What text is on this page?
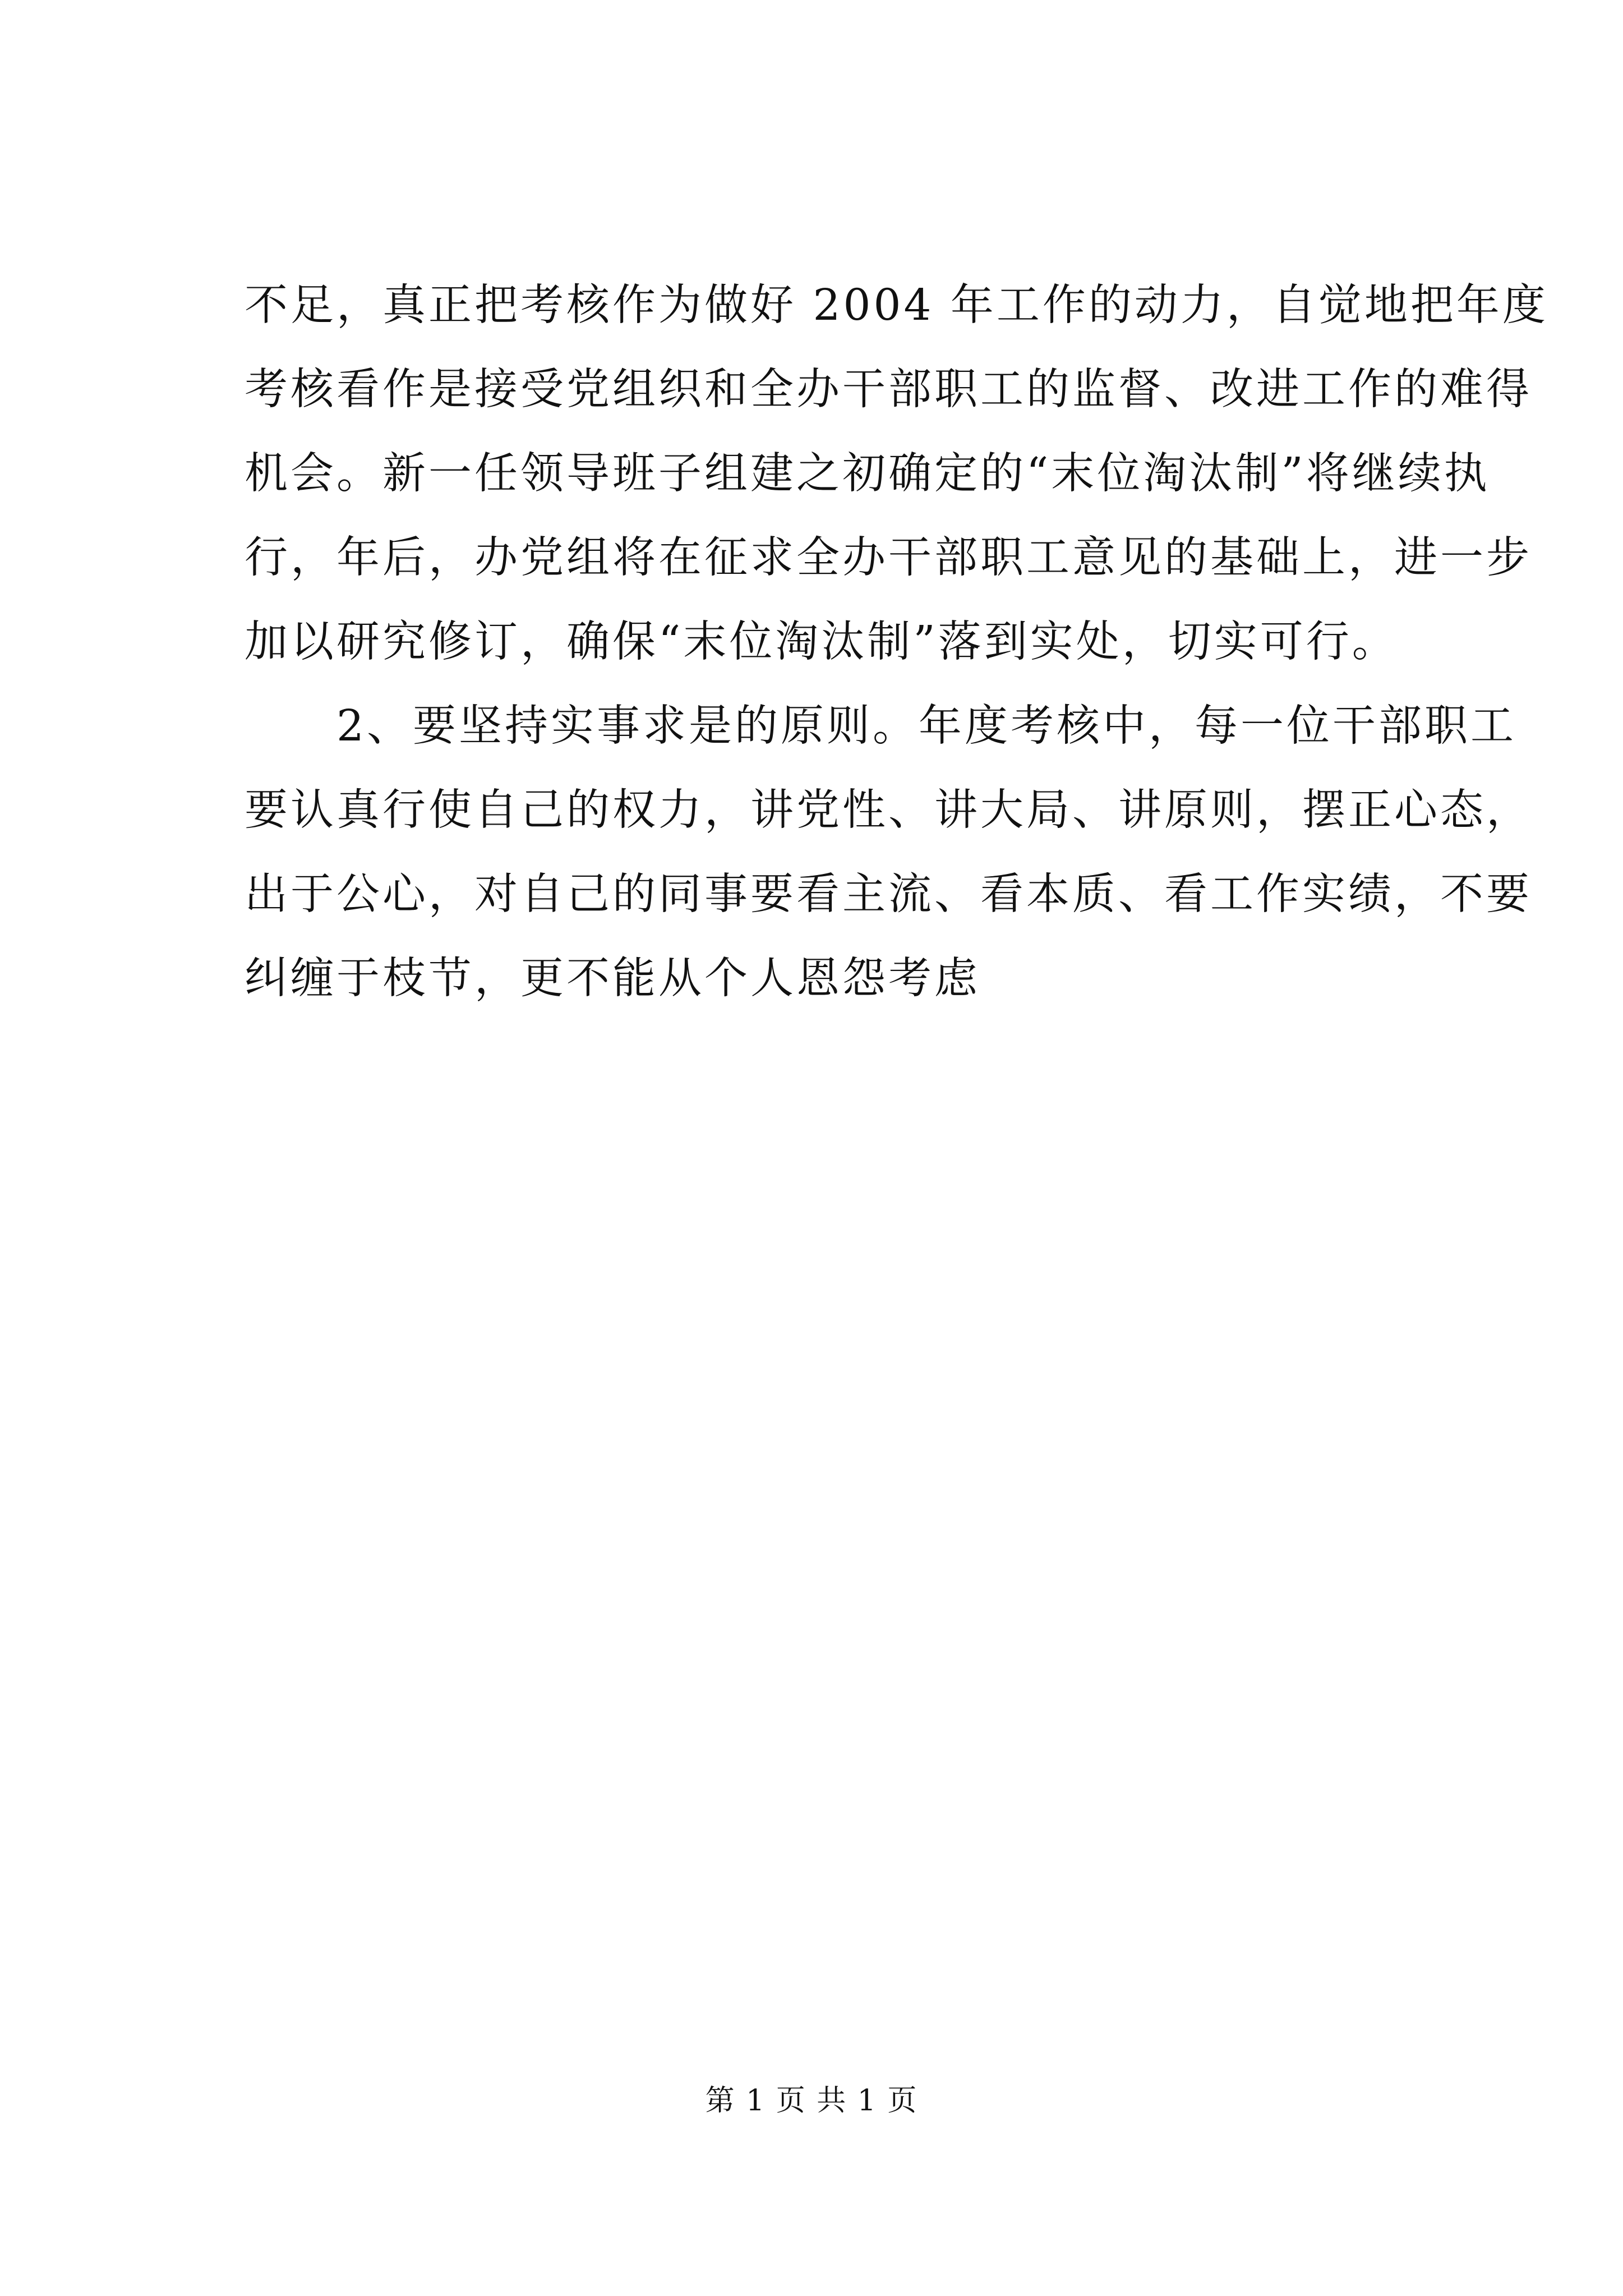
不足，真正把考核作为做好 2004 年工作的动力，自觉地把年度
考核看作是接受党组织和全办干部职工的监督、改进工作的难得
机会。新一任领导班子组建之初确定的“末位淘汰制”将继续执
行，年后，办党组将在征求全办干部职工意见的基础上，进一步
加以研究修订，确保“末位淘汰制”落到实处，切实可行。
　　2、要坚持实事求是的原则。年度考核中，每一位干部职工
要认真行使自己的权力，讲党性、讲大局、讲原则，摆正心态，
出于公心，对自己的同事要看主流、看本质、看工作实绩，不要
纠缠于枝节，更不能从个人恩怨考虑
第 1 页 共 1 页
